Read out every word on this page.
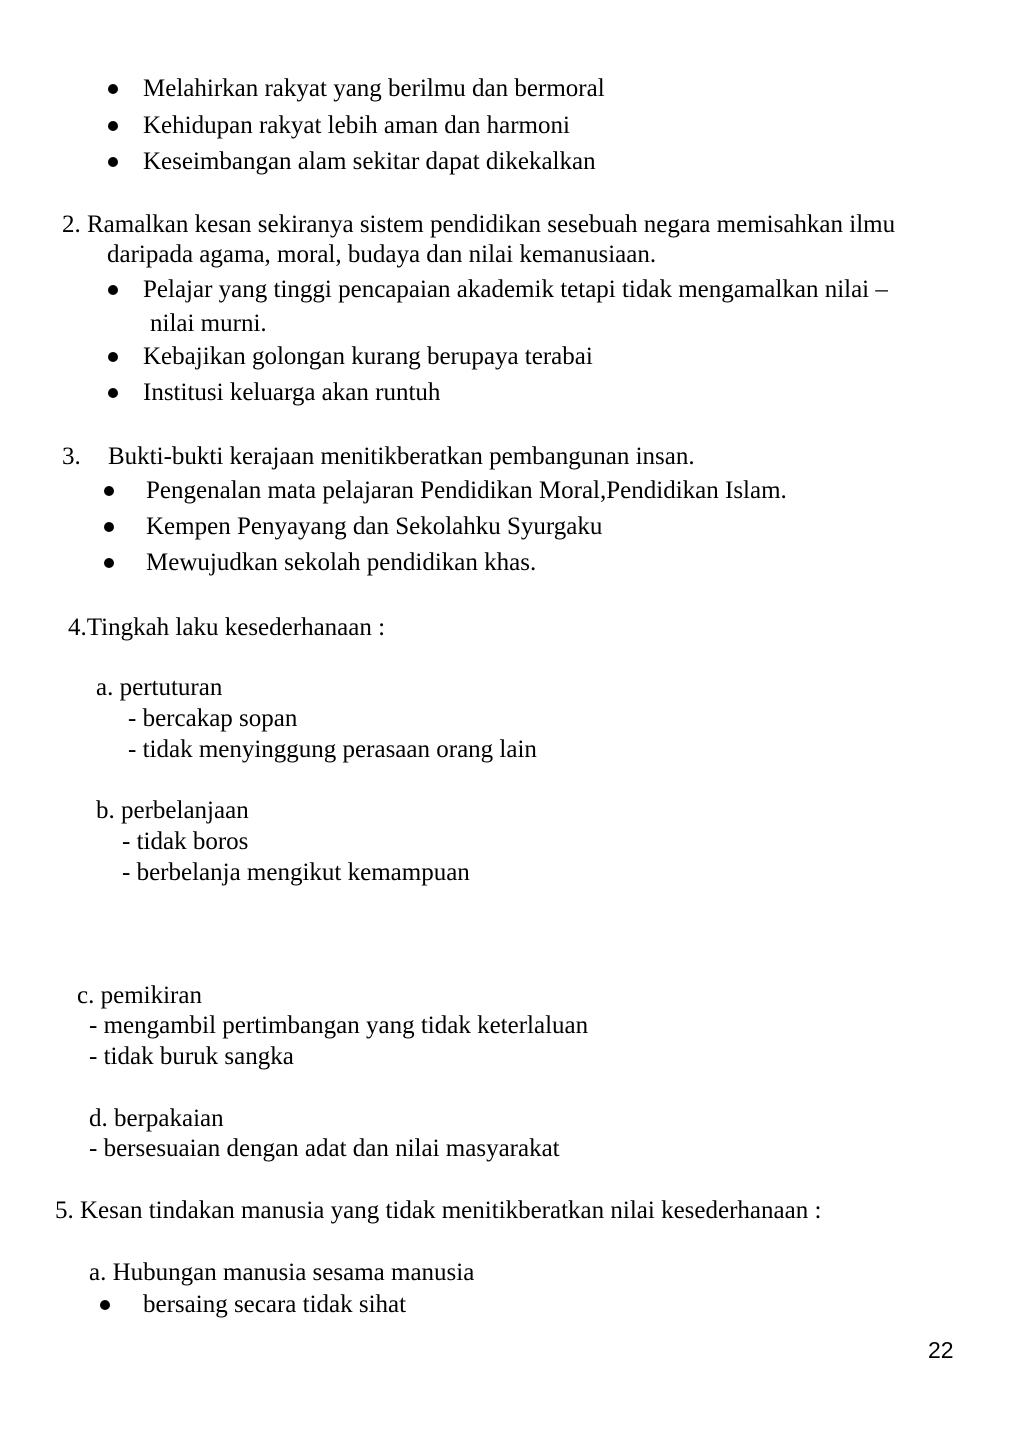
Melahirkan rakyat yang berilmu dan bermoral
Kehidupan rakyat lebih aman dan harmoni
Keseimbangan alam sekitar dapat dikekalkan
2. Ramalkan kesan sekiranya sistem pendidikan sesebuah negara memisahkan ilmu
daripada agama, moral, budaya dan nilai kemanusiaan.
Pelajar yang tinggi pencapaian akademik tetapi tidak mengamalkan nilai –
nilai murni.
Kebajikan golongan kurang berupaya terabai
Institusi keluarga akan runtuh
3. Bukti-bukti kerajaan menitikberatkan pembangunan insan.
Pengenalan mata pelajaran Pendidikan Moral,Pendidikan Islam.
Kempen Penyayang dan Sekolahku Syurgaku
Mewujudkan sekolah pendidikan khas.
4.Tingkah laku kesederhanaan :
a. pertuturan
- bercakap sopan
- tidak menyinggung perasaan orang lain
b. perbelanjaan
- tidak boros
- berbelanja mengikut kemampuan
c. pemikiran
- mengambil pertimbangan yang tidak keterlaluan
- tidak buruk sangka
d. berpakaian
- bersesuaian dengan adat dan nilai masyarakat
5. Kesan tindakan manusia yang tidak menitikberatkan nilai kesederhanaan :
a. Hubungan manusia sesama manusia
bersaing secara tidak sihat
22
